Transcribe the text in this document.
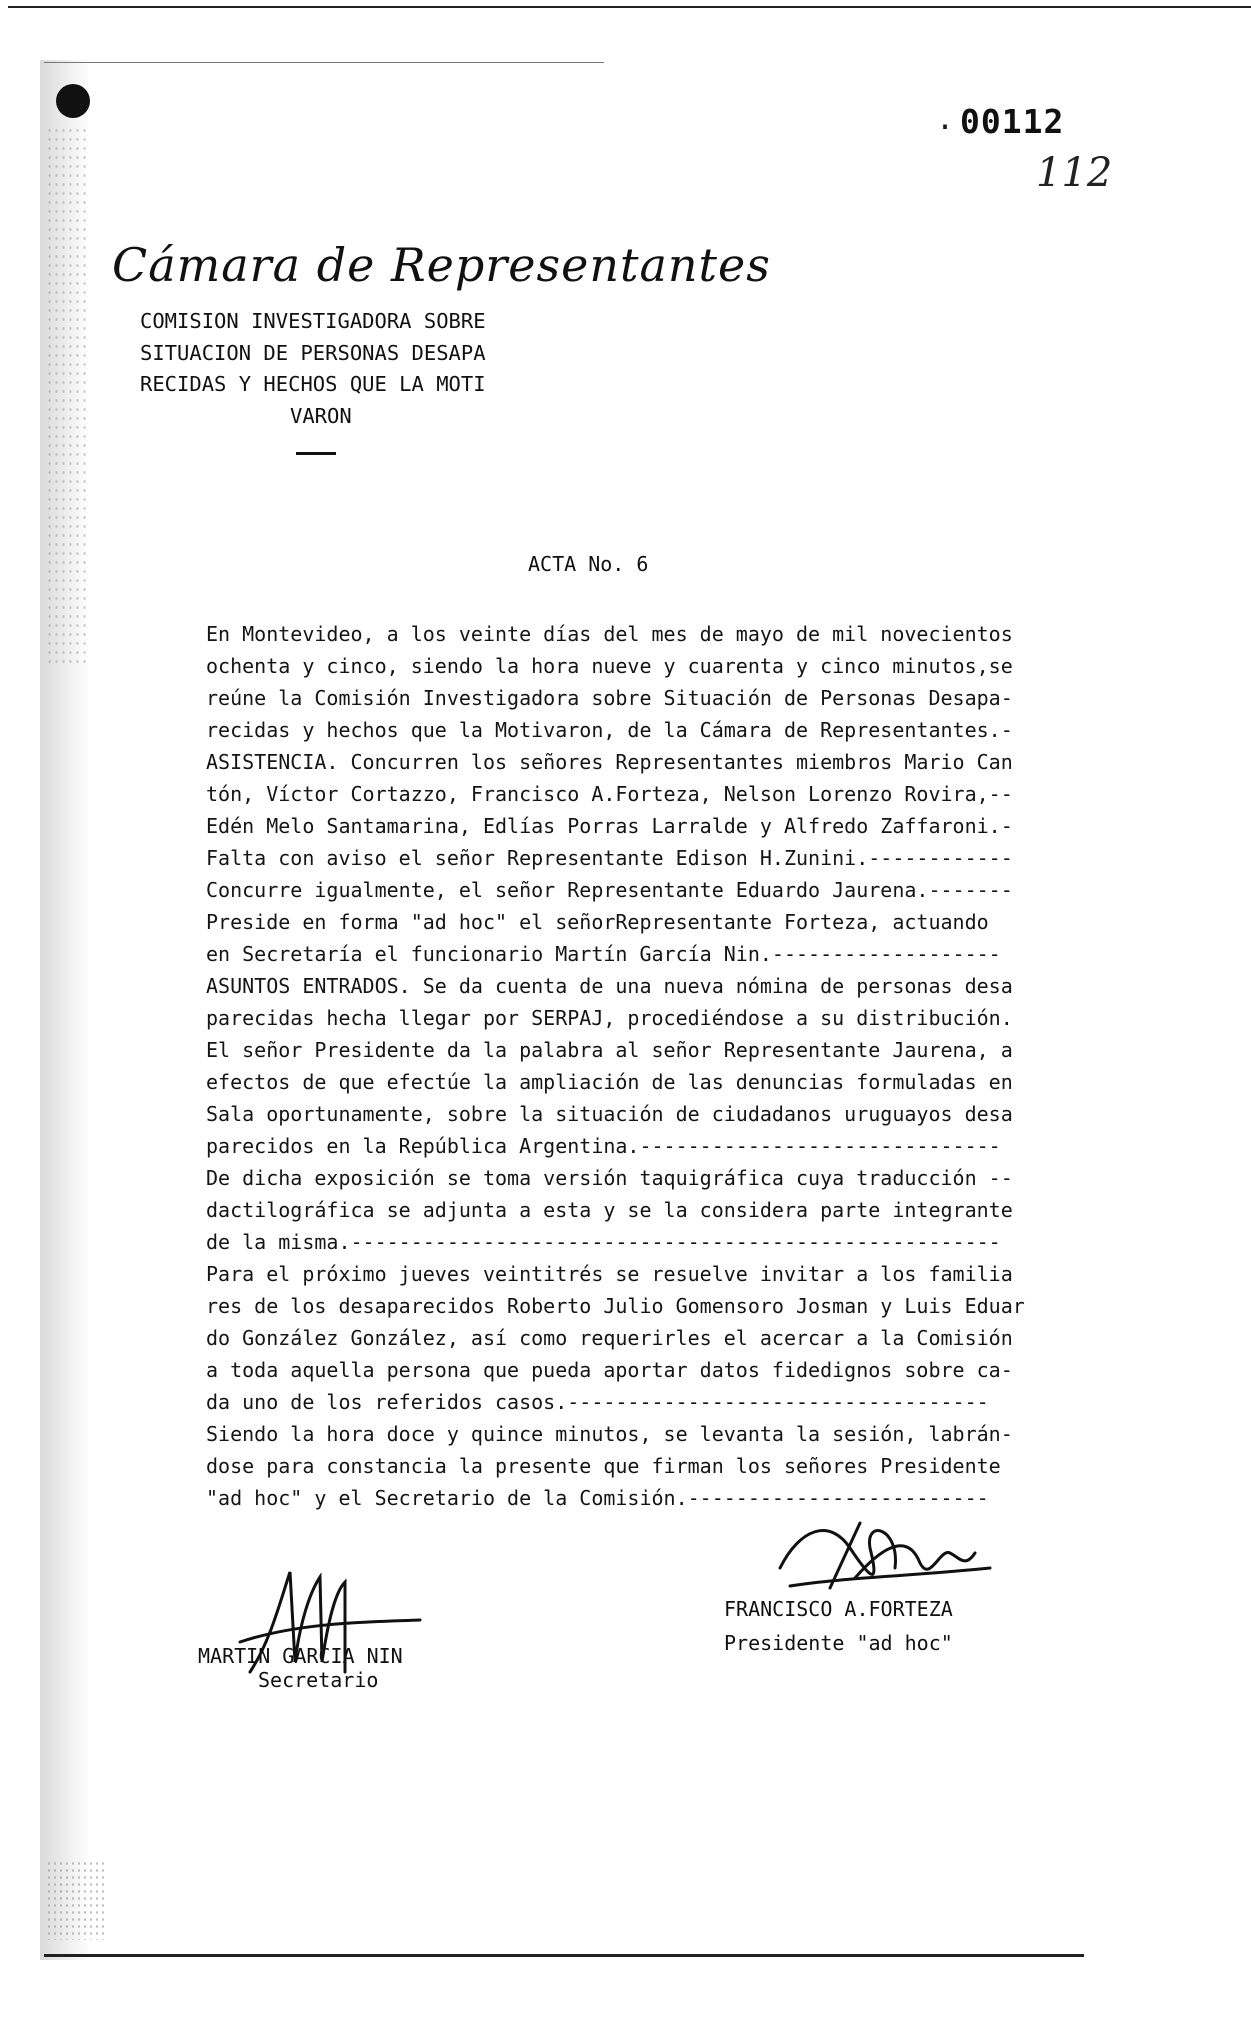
. 00112
112
Cámara de Representantes
COMISION INVESTIGADORA SOBRE
SITUACION DE PERSONAS DESAPA
RECIDAS Y HECHOS QUE LA MOTI
VARON
ACTA No. 6
En Montevideo, a los veinte días del mes de mayo de mil novecientos
ochenta y cinco, siendo la hora nueve y cuarenta y cinco minutos,se
reúne la Comisión Investigadora sobre Situación de Personas Desapa-
recidas y hechos que la Motivaron, de la Cámara de Representantes.-
ASISTENCIA. Concurren los señores Representantes miembros Mario Can
tón, Víctor Cortazzo, Francisco A.Forteza, Nelson Lorenzo Rovira,--
Edén Melo Santamarina, Edlías Porras Larralde y Alfredo Zaffaroni.-
Falta con aviso el señor Representante Edison H.Zunini.------------
Concurre igualmente, el señor Representante Eduardo Jaurena.-------
Preside en forma "ad hoc" el señorRepresentante Forteza, actuando
en Secretaría el funcionario Martín García Nin.-------------------
ASUNTOS ENTRADOS. Se da cuenta de una nueva nómina de personas desa
parecidas hecha llegar por SERPAJ, procediéndose a su distribución.
El señor Presidente da la palabra al señor Representante Jaurena, a
efectos de que efectúe la ampliación de las denuncias formuladas en
Sala oportunamente, sobre la situación de ciudadanos uruguayos desa
parecidos en la República Argentina.------------------------------
De dicha exposición se toma versión taquigráfica cuya traducción --
dactilográfica se adjunta a esta y se la considera parte integrante
de la misma.------------------------------------------------------
Para el próximo jueves veintitrés se resuelve invitar a los familia
res de los desaparecidos Roberto Julio Gomensoro Josman y Luis Eduar
do González González, así como requerirles el acercar a la Comisión
a toda aquella persona que pueda aportar datos fidedignos sobre ca-
da uno de los referidos casos.-----------------------------------
Siendo la hora doce y quince minutos, se levanta la sesión, labrán-
dose para constancia la presente que firman los señores Presidente
"ad hoc" y el Secretario de la Comisión.-------------------------
FRANCISCO A.FORTEZA
Presidente "ad hoc"
MARTIN GARCIA NIN
Secretario
